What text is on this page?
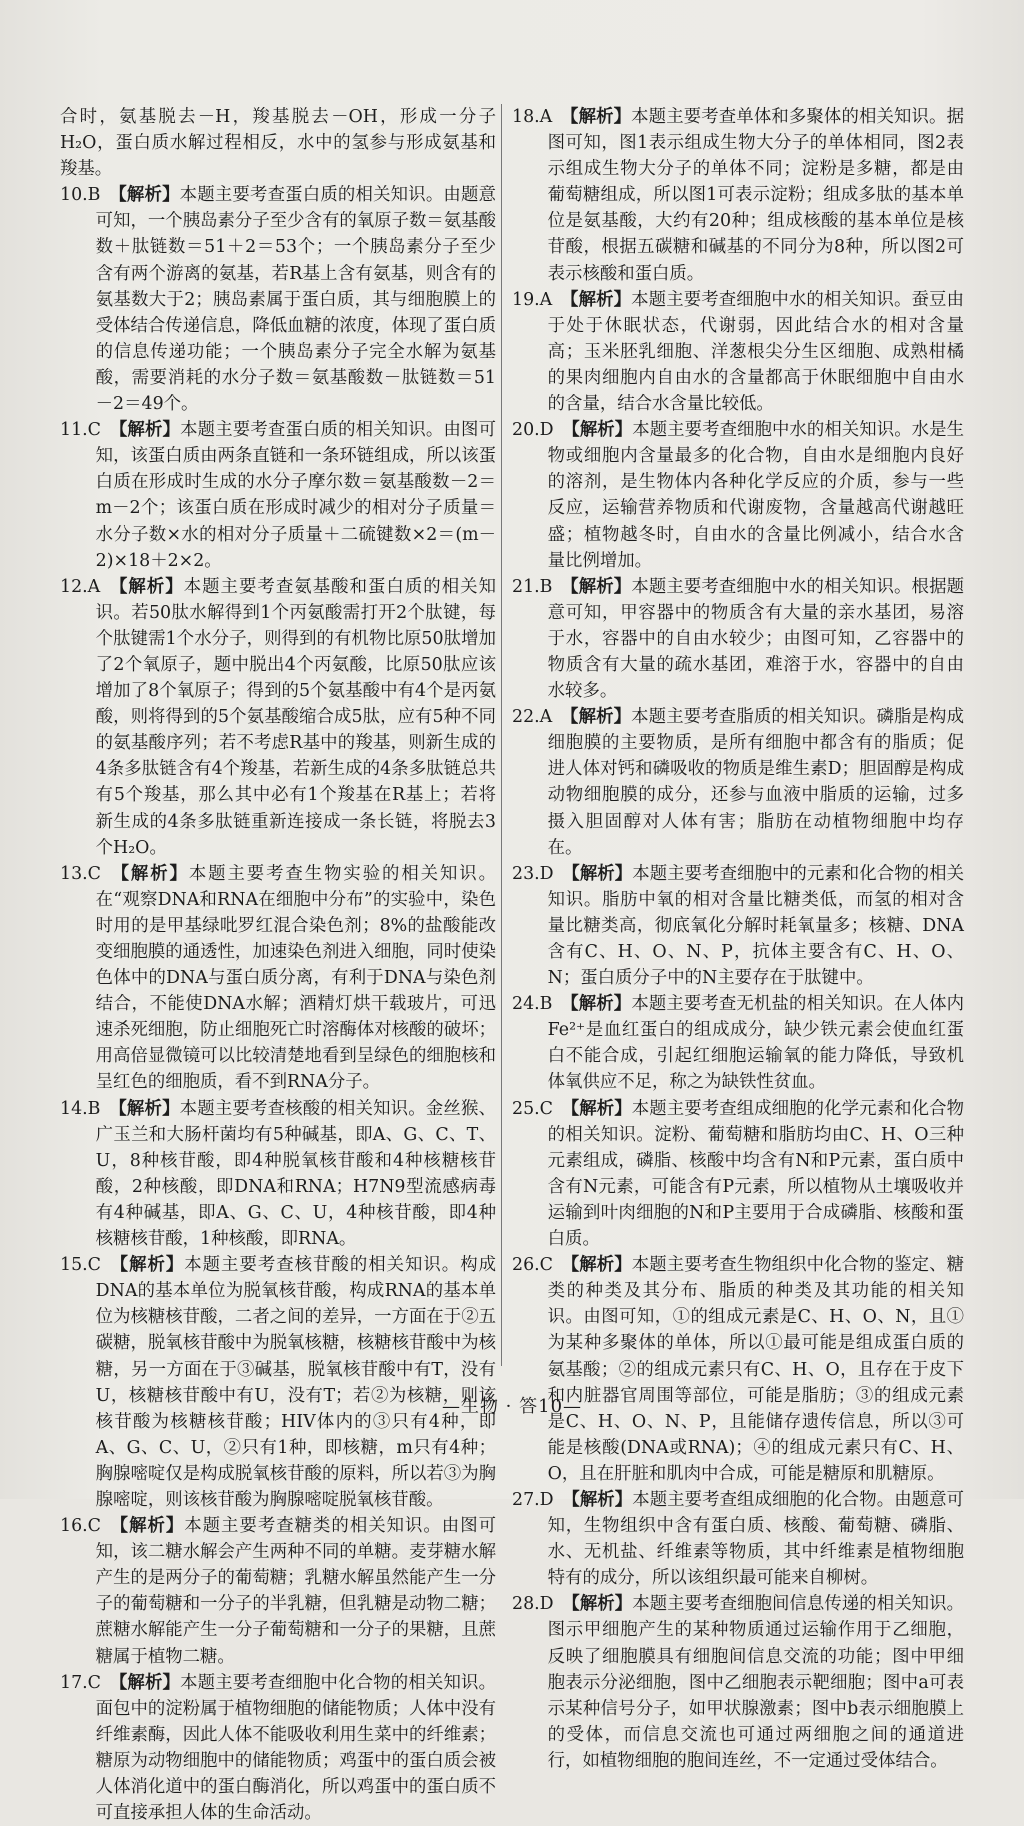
合时，氨基脱去－H，羧基脱去－OH，形成一分子 H₂O，蛋白质水解过程相反，水中的氢参与形成氨基和羧基。
10.B  【解析】本题主要考查蛋白质的相关知识。由题意可知，一个胰岛素分子至少含有的氧原子数＝氨基酸数＋肽链数＝51＋2＝53个；一个胰岛素分子至少含有两个游离的氨基，若R基上含有氨基，则含有的氨基数大于2；胰岛素属于蛋白质，其与细胞膜上的受体结合传递信息，降低血糖的浓度，体现了蛋白质的信息传递功能；一个胰岛素分子完全水解为氨基酸，需要消耗的水分子数＝氨基酸数－肽链数＝51－2＝49个。
11.C  【解析】本题主要考查蛋白质的相关知识。由图可知，该蛋白质由两条直链和一条环链组成，所以该蛋白质在形成时生成的水分子摩尔数＝氨基酸数－2＝m－2个；该蛋白质在形成时减少的相对分子质量＝水分子数×水的相对分子质量＋二硫键数×2＝(m－2)×18＋2×2。
12.A  【解析】本题主要考查氨基酸和蛋白质的相关知识。若50肽水解得到1个丙氨酸需打开2个肽键，每个肽键需1个水分子，则得到的有机物比原50肽增加了2个氧原子，题中脱出4个丙氨酸，比原50肽应该增加了8个氧原子；得到的5个氨基酸中有4个是丙氨酸，则将得到的5个氨基酸缩合成5肽，应有5种不同的氨基酸序列；若不考虑R基中的羧基，则新生成的4条多肽链含有4个羧基，若新生成的4条多肽链总共有5个羧基，那么其中必有1个羧基在R基上；若将新生成的4条多肽链重新连接成一条长链，将脱去3个H₂O。
13.C  【解析】本题主要考查生物实验的相关知识。在“观察DNA和RNA在细胞中分布”的实验中，染色时用的是甲基绿吡罗红混合染色剂；8%的盐酸能改变细胞膜的通透性，加速染色剂进入细胞，同时使染色体中的DNA与蛋白质分离，有利于DNA与染色剂结合，不能使DNA水解；酒精灯烘干载玻片，可迅速杀死细胞，防止细胞死亡时溶酶体对核酸的破坏；用高倍显微镜可以比较清楚地看到呈绿色的细胞核和呈红色的细胞质，看不到RNA分子。
14.B  【解析】本题主要考查核酸的相关知识。金丝猴、广玉兰和大肠杆菌均有5种碱基，即A、G、C、T、U，8种核苷酸，即4种脱氧核苷酸和4种核糖核苷酸，2种核酸，即DNA和RNA；H7N9型流感病毒有4种碱基，即A、G、C、U，4种核苷酸，即4种核糖核苷酸，1种核酸，即RNA。
15.C  【解析】本题主要考查核苷酸的相关知识。构成DNA的基本单位为脱氧核苷酸，构成RNA的基本单位为核糖核苷酸，二者之间的差异，一方面在于②五碳糖，脱氧核苷酸中为脱氧核糖，核糖核苷酸中为核糖，另一方面在于③碱基，脱氧核苷酸中有T，没有U，核糖核苷酸中有U，没有T；若②为核糖，则该核苷酸为核糖核苷酸；HIV体内的③只有4种，即A、G、C、U，②只有1种，即核糖，m只有4种；胸腺嘧啶仅是构成脱氧核苷酸的原料，所以若③为胸腺嘧啶，则该核苷酸为胸腺嘧啶脱氧核苷酸。
16.C  【解析】本题主要考查糖类的相关知识。由图可知，该二糖水解会产生两种不同的单糖。麦芽糖水解产生的是两分子的葡萄糖；乳糖水解虽然能产生一分子的葡萄糖和一分子的半乳糖，但乳糖是动物二糖；蔗糖水解能产生一分子葡萄糖和一分子的果糖，且蔗糖属于植物二糖。
17.C  【解析】本题主要考查细胞中化合物的相关知识。面包中的淀粉属于植物细胞的储能物质；人体中没有纤维素酶，因此人体不能吸收利用生菜中的纤维素；糖原为动物细胞中的储能物质；鸡蛋中的蛋白质会被人体消化道中的蛋白酶消化，所以鸡蛋中的蛋白质不可直接承担人体的生命活动。
18.A  【解析】本题主要考查单体和多聚体的相关知识。据图可知，图1表示组成生物大分子的单体相同，图2表示组成生物大分子的单体不同；淀粉是多糖，都是由葡萄糖组成，所以图1可表示淀粉；组成多肽的基本单位是氨基酸，大约有20种；组成核酸的基本单位是核苷酸，根据五碳糖和碱基的不同分为8种，所以图2可表示核酸和蛋白质。
19.A  【解析】本题主要考查细胞中水的相关知识。蚕豆由于处于休眠状态，代谢弱，因此结合水的相对含量高；玉米胚乳细胞、洋葱根尖分生区细胞、成熟柑橘的果肉细胞内自由水的含量都高于休眠细胞中自由水的含量，结合水含量比较低。
20.D  【解析】本题主要考查细胞中水的相关知识。水是生物或细胞内含量最多的化合物，自由水是细胞内良好的溶剂，是生物体内各种化学反应的介质，参与一些反应，运输营养物质和代谢废物，含量越高代谢越旺盛；植物越冬时，自由水的含量比例减小，结合水含量比例增加。
21.B  【解析】本题主要考查细胞中水的相关知识。根据题意可知，甲容器中的物质含有大量的亲水基团，易溶于水，容器中的自由水较少；由图可知，乙容器中的物质含有大量的疏水基团，难溶于水，容器中的自由水较多。
22.A  【解析】本题主要考查脂质的相关知识。磷脂是构成细胞膜的主要物质，是所有细胞中都含有的脂质；促进人体对钙和磷吸收的物质是维生素D；胆固醇是构成动物细胞膜的成分，还参与血液中脂质的运输，过多摄入胆固醇对人体有害；脂肪在动植物细胞中均存在。
23.D  【解析】本题主要考查细胞中的元素和化合物的相关知识。脂肪中氧的相对含量比糖类低，而氢的相对含量比糖类高，彻底氧化分解时耗氧量多；核糖、DNA含有C、H、O、N、P，抗体主要含有C、H、O、N；蛋白质分子中的N主要存在于肽键中。
24.B  【解析】本题主要考查无机盐的相关知识。在人体内Fe²⁺是血红蛋白的组成成分，缺少铁元素会使血红蛋白不能合成，引起红细胞运输氧的能力降低，导致机体氧供应不足，称之为缺铁性贫血。
25.C  【解析】本题主要考查组成细胞的化学元素和化合物的相关知识。淀粉、葡萄糖和脂肪均由C、H、O三种元素组成，磷脂、核酸中均含有N和P元素，蛋白质中含有N元素，可能含有P元素，所以植物从土壤吸收并运输到叶肉细胞的N和P主要用于合成磷脂、核酸和蛋白质。
26.C  【解析】本题主要考查生物组织中化合物的鉴定、糖类的种类及其分布、脂质的种类及其功能的相关知识。由图可知，①的组成元素是C、H、O、N，且①为某种多聚体的单体，所以①最可能是组成蛋白质的氨基酸；②的组成元素只有C、H、O，且存在于皮下和内脏器官周围等部位，可能是脂肪；③的组成元素是C、H、O、N、P，且能储存遗传信息，所以③可能是核酸(DNA或RNA)；④的组成元素只有C、H、O，且在肝脏和肌肉中合成，可能是糖原和肌糖原。
27.D  【解析】本题主要考查组成细胞的化合物。由题意可知，生物组织中含有蛋白质、核酸、葡萄糖、磷脂、水、无机盐、纤维素等物质，其中纤维素是植物细胞特有的成分，所以该组织最可能来自柳树。
28.D  【解析】本题主要考查细胞间信息传递的相关知识。图示甲细胞产生的某种物质通过运输作用于乙细胞，反映了细胞膜具有细胞间信息交流的功能；图中甲细胞表示分泌细胞，图中乙细胞表示靶细胞；图中a可表示某种信号分子，如甲状腺激素；图中b表示细胞膜上的受体，而信息交流也可通过两细胞之间的通道进行，如植物细胞的胞间连丝，不一定通过受体结合。
—生物 · 答10—
